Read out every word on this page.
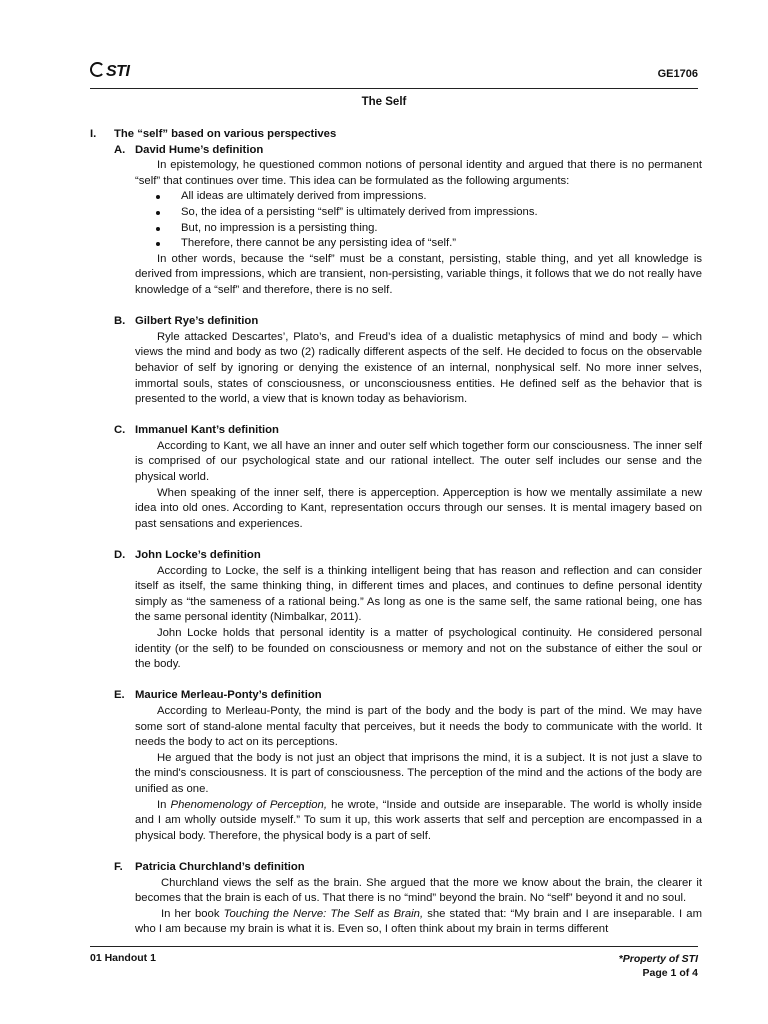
STI	GE1706
The Self
I.	The “self” based on various perspectives
A. David Hume’s definition

In epistemology, he questioned common notions of personal identity and argued that there is no permanent “self” that continues over time. This idea can be formulated as the following arguments:

All ideas are ultimately derived from impressions.
So, the idea of a persisting “self” is ultimately derived from impressions.
But, no impression is a persisting thing.
Therefore, there cannot be any persisting idea of “self.”

In other words, because the “self” must be a constant, persisting, stable thing, and yet all knowledge is derived from impressions, which are transient, non-persisting, variable things, it follows that we do not really have knowledge of a “self” and therefore, there is no self.

B. Gilbert Rye’s definition

Ryle attacked Descartes’, Plato’s, and Freud’s idea of a dualistic metaphysics of mind and body – which views the mind and body as two (2) radically different aspects of the self. He decided to focus on the observable behavior of self by ignoring or denying the existence of an internal, nonphysical self. No more inner selves, immortal souls, states of consciousness, or unconsciousness entities. He defined self as the behavior that is presented to the world, a view that is known today as behaviorism.

C. Immanuel Kant’s definition

According to Kant, we all have an inner and outer self which together form our consciousness. The inner self is comprised of our psychological state and our rational intellect. The outer self includes our sense and the physical world.

When speaking of the inner self, there is apperception. Apperception is how we mentally assimilate a new idea into old ones. According to Kant, representation occurs through our senses. It is mental imagery based on past sensations and experiences.

D. John Locke’s definition

According to Locke, the self is a thinking intelligent being that has reason and reflection and can consider itself as itself, the same thinking thing, in different times and places, and continues to define personal identity simply as “the sameness of a rational being.” As long as one is the same self, the same rational being, one has the same personal identity (Nimbalkar, 2011).

John Locke holds that personal identity is a matter of psychological continuity. He considered personal identity (or the self) to be founded on consciousness or memory and not on the substance of either the soul or the body.

E. Maurice Merleau-Ponty’s definition

According to Merleau-Ponty, the mind is part of the body and the body is part of the mind. We may have some sort of stand-alone mental faculty that perceives, but it needs the body to communicate with the world. It needs the body to act on its perceptions.

He argued that the body is not just an object that imprisons the mind, it is a subject. It is not just a slave to the mind's consciousness. It is part of consciousness. The perception of the mind and the actions of the body are unified as one.

In Phenomenology of Perception, he wrote, “Inside and outside are inseparable. The world is wholly inside and I am wholly outside myself.” To sum it up, this work asserts that self and perception are encompassed in a physical body. Therefore, the physical body is a part of self.

F.	Patricia Churchland’s definition

Churchland views the self as the brain. She argued that the more we know about the brain, the clearer it becomes that the brain is each of us. That there is no “mind” beyond the brain. No “self” beyond it and no soul.

In her book Touching the Nerve: The Self as Brain, she stated that: “My brain and I are inseparable. I am who I am because my brain is what it is. Even so, I often think about my brain in terms different

01 Handout 1	*Property of STI
Page 1 of 4
